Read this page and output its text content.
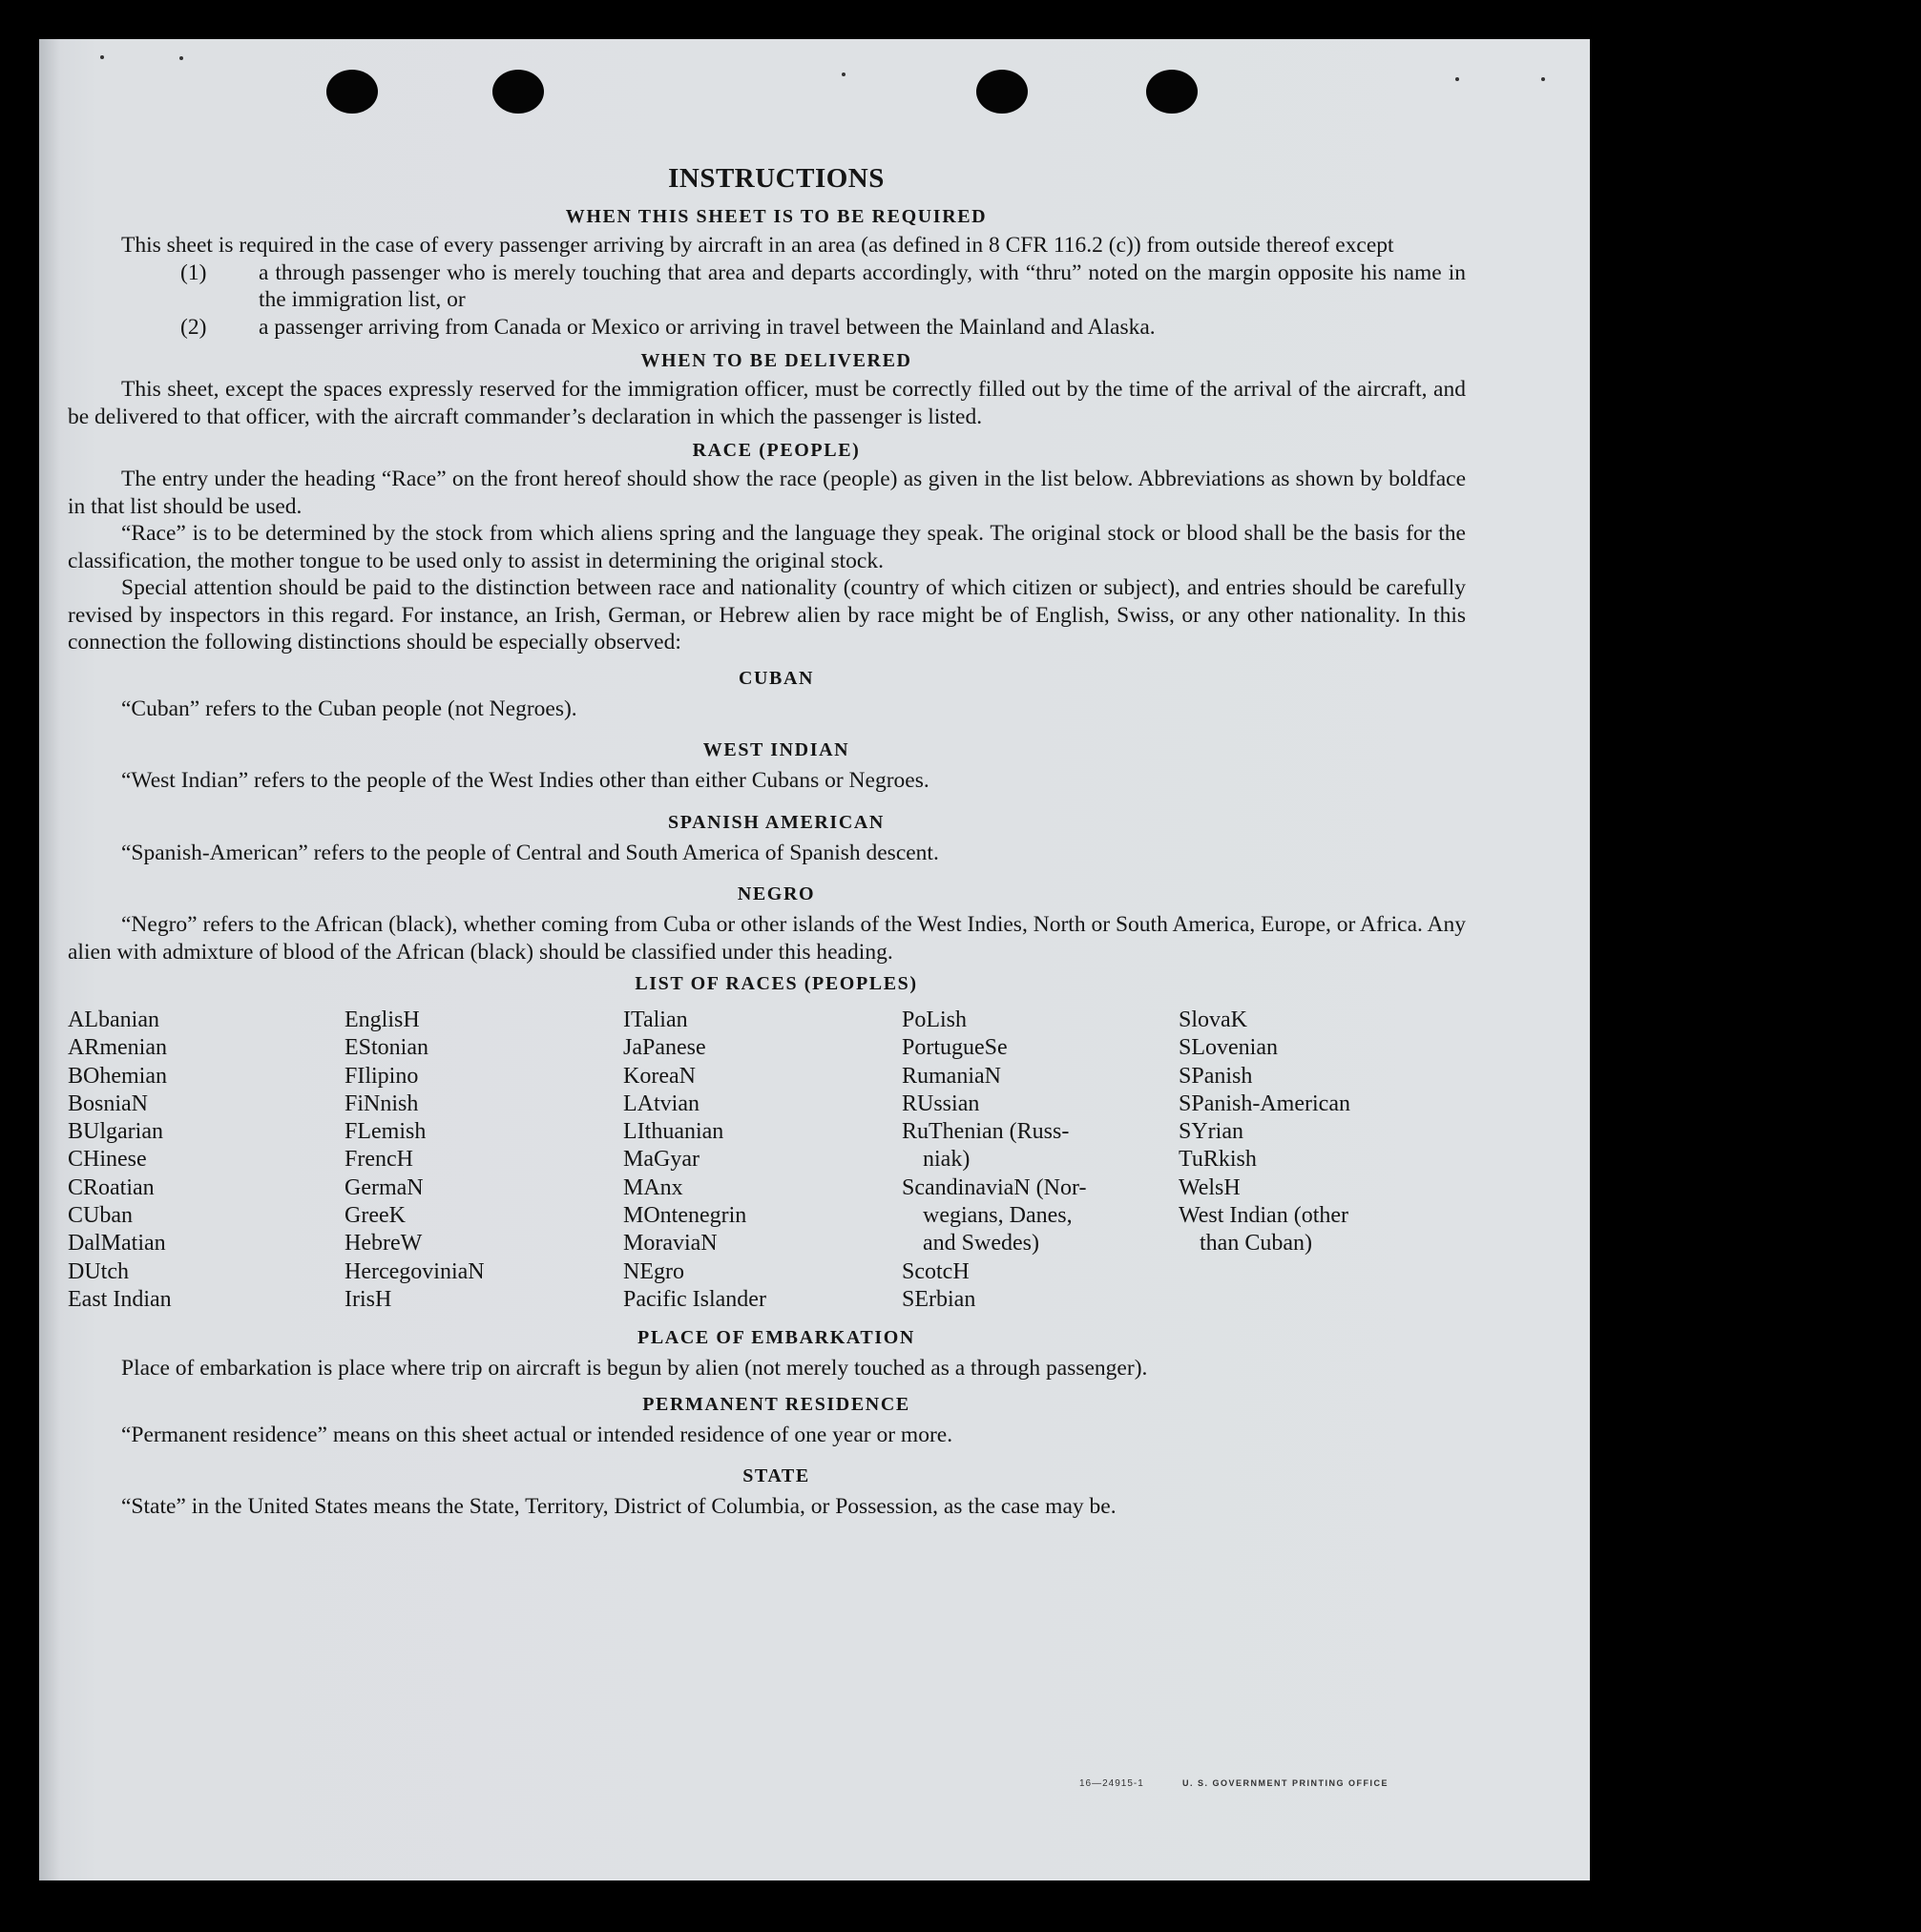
INSTRUCTIONS
WHEN THIS SHEET IS TO BE REQUIRED

This sheet is required in the case of every passenger arriving by aircraft in an area (as defined in 8 CFR 116.2 (c)) from outside thereof except

(1) a through passenger who is merely touching that area and departs accordingly, with “thru” noted on the margin opposite his name in the immigration list, or

(2) a passenger arriving from Canada or Mexico or arriving in travel between the Mainland and Alaska.

WHEN TO BE DELIVERED

This sheet, except the spaces expressly reserved for the immigration officer, must be correctly filled out by the time of the arrival of the aircraft, and be delivered to that officer, with the aircraft commander’s declaration in which the passenger is listed.

RACE (PEOPLE)

The entry under the heading “Race” on the front hereof should show the race (people) as given in the list below. Abbreviations as shown by boldface in that list should be used.

“Race” is to be determined by the stock from which aliens spring and the language they speak. The original stock or blood shall be the basis for the classification, the mother tongue to be used only to assist in determining the original stock.

Special attention should be paid to the distinction between race and nationality (country of which citizen or subject), and entries should be carefully revised by inspectors in this regard. For instance, an Irish, German, or Hebrew alien by race might be of English, Swiss, or any other nationality. In this connection the following distinctions should be especially observed:

CUBAN

“Cuban” refers to the Cuban people (not Negroes).

WEST INDIAN

“West Indian” refers to the people of the West Indies other than either Cubans or Negroes.

SPANISH AMERICAN

“Spanish-American” refers to the people of Central and South America of Spanish descent.

NEGRO

“Negro” refers to the African (black), whether coming from Cuba or other islands of the West Indies, North or South America, Europe, or Africa. Any alien with admixture of blood of the African (black) should be classified under this heading.

LIST OF RACES (PEOPLES)
ALbanian
ARmenian
BOhemian
BosniaN
BUlgarian
CHinese
CRoatian
CUban
DalMatian
DUtch
East Indian
EnglisH
EStonian
FIlipino
FiNnish
FLemish
FrencH
GermaN
GreeK
HebreW
HercegoviniaN
IrisH
ITalian
JaPanese
KoreaN
LAtvian
LIthuanian
MaGyar
MAnx
MOntenegrin
MoraviaN
NEgro
Pacific Islander
PoLish
PortugueSe
RumaniaN
RUssian
RuThenian (Russ-
niak)
ScandinaviaN (Nor-
wegians, Danes,
and Swedes)
ScotcH
SErbian
SlovaK
SLovenian
SPanish
SPanish-American
SYrian
TuRkish
WelsH
West Indian (other
than Cuban)
PLACE OF EMBARKATION

Place of embarkation is place where trip on aircraft is begun by alien (not merely touched as a through passenger).

PERMANENT RESIDENCE

“Permanent residence” means on this sheet actual or intended residence of one year or more.

STATE

“State” in the United States means the State, Territory, District of Columbia, or Possession, as the case may be.

16—24915-1	U. S. GOVERNMENT PRINTING OFFICE
